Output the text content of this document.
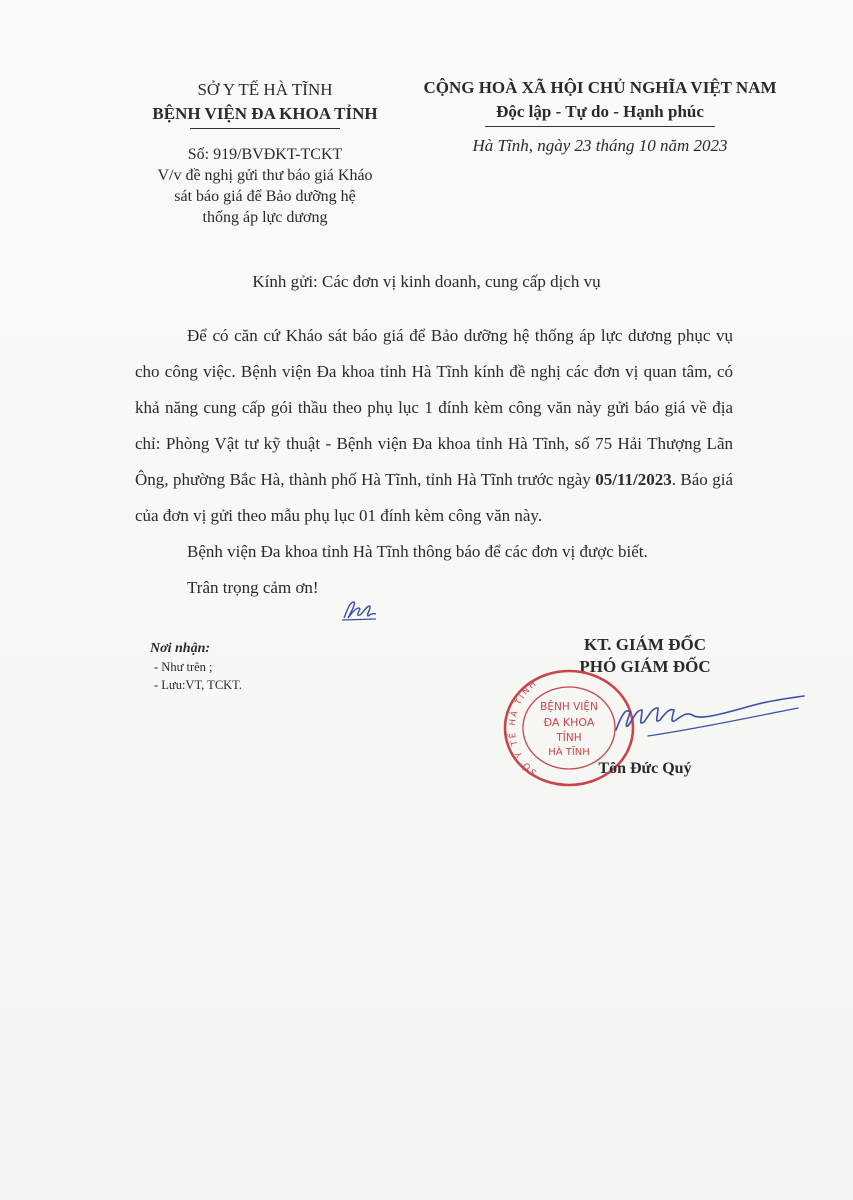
SỞ Y TẾ HÀ TĨNH
BỆNH VIỆN ĐA KHOA TỈNH
CỘNG HOÀ XÃ HỘI CHỦ NGHĨA VIỆT NAM
Độc lập - Tự do - Hạnh phúc
Số: 919/BVĐKT-TCKT
V/v đề nghị gửi thư báo giá Kháo
sát báo giá để Bảo dưỡng hệ
thống áp lực dương
Hà Tĩnh, ngày 23 tháng 10 năm 2023
Kính gửi: Các đơn vị kinh doanh, cung cấp dịch vụ

Để có căn cứ Kháo sát báo giá để Bảo dưỡng hệ thống áp lực dương phục vụ cho công việc. Bệnh viện Đa khoa tỉnh Hà Tĩnh kính đề nghị các đơn vị quan tâm, có khả năng cung cấp gói thầu theo phụ lục 1 đính kèm công văn này gửi báo giá về địa chỉ: Phòng Vật tư kỹ thuật - Bệnh viện Đa khoa tỉnh Hà Tĩnh, số 75 Hải Thượng Lãn Ông, phường Bắc Hà, thành phố Hà Tĩnh, tỉnh Hà Tĩnh trước ngày 05/11/2023. Báo giá của đơn vị gửi theo mẫu phụ lục 01 đính kèm công văn này.

Bệnh viện Đa khoa tỉnh Hà Tĩnh thông báo để các đơn vị được biết.

Trân trọng cảm ơn!

Nơi nhận:
- Như trên ;
- Lưu:VT, TCKT.
KT. GIÁM ĐỐC
PHÓ GIÁM ĐỐC
SỞ Y TẾ HÀ TĨNH
BỆNH VIỆN
ĐA KHOA
TỈNH
HÀ TĨNH
Tôn Đức Quý
